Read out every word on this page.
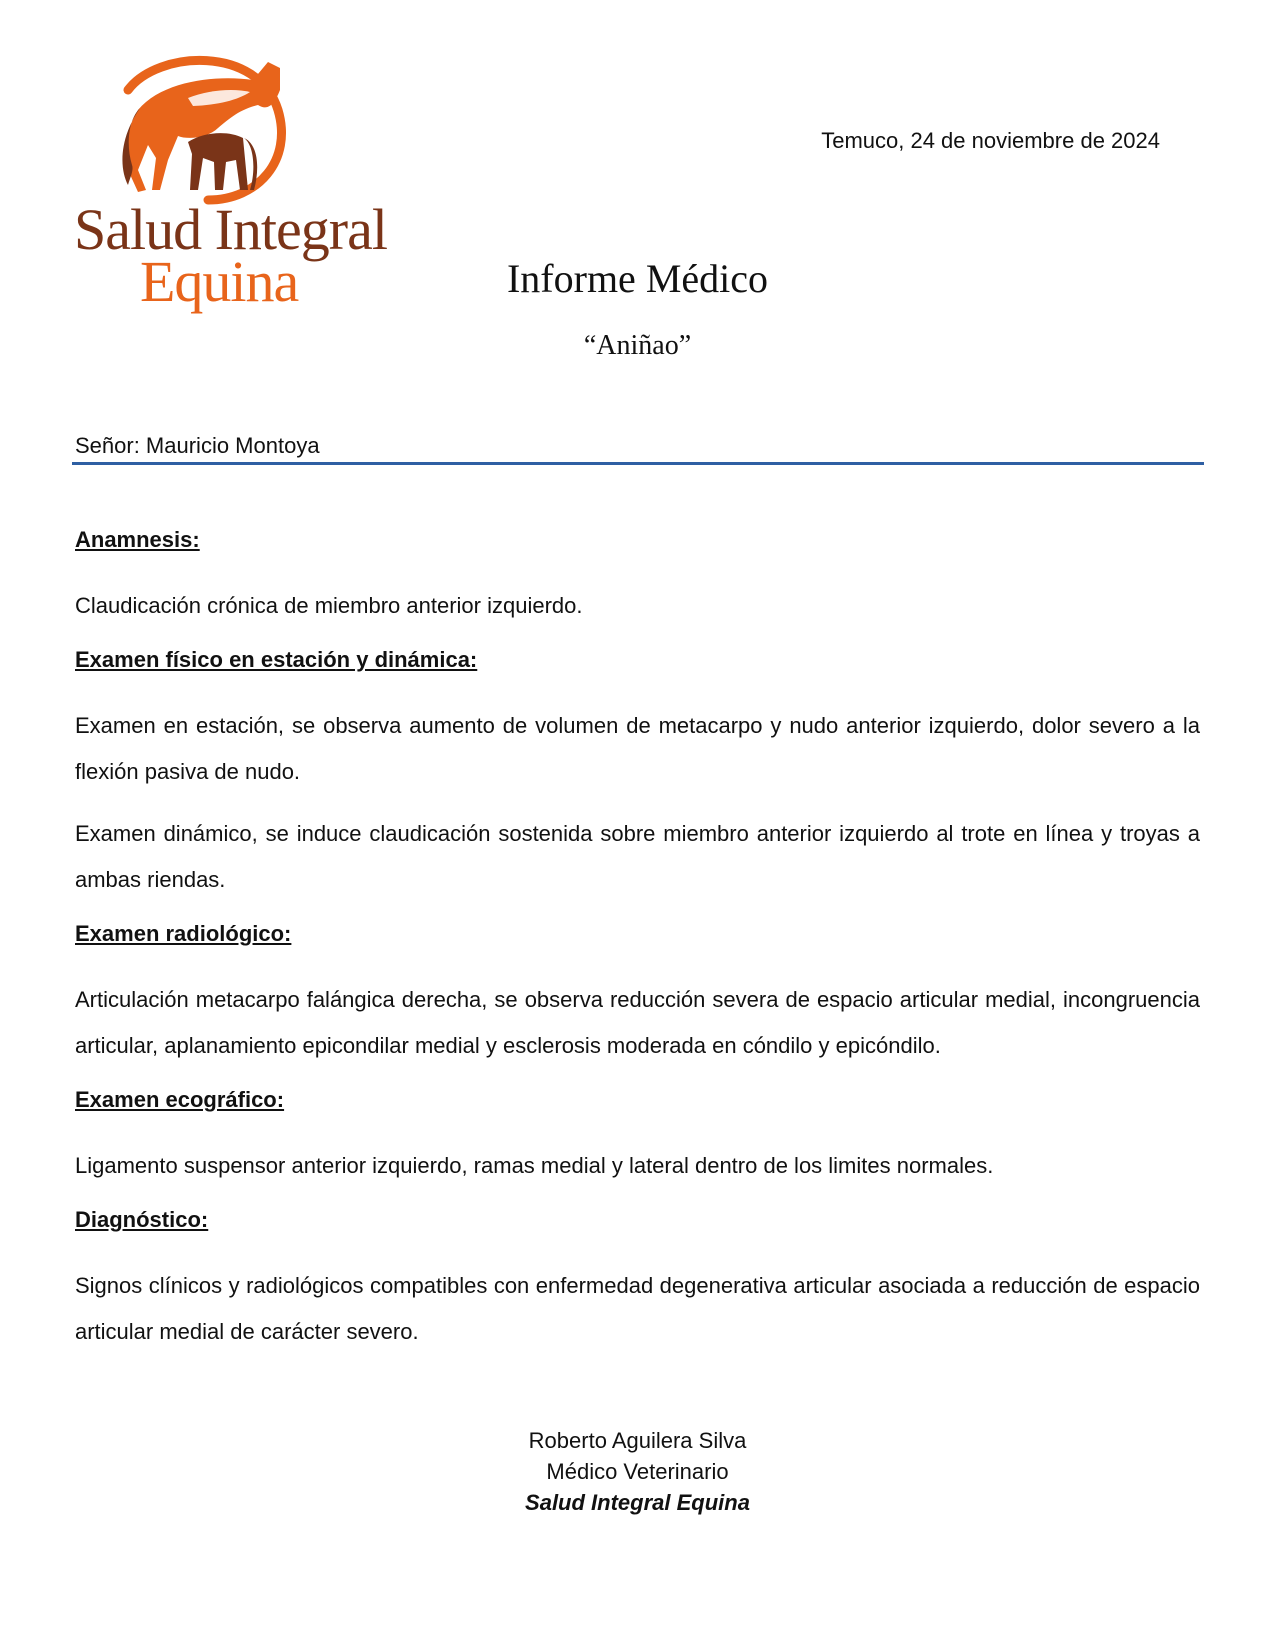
Salud Integral
Equina
Temuco, 24 de noviembre de 2024
Informe Médico
“Aniñao”
Señor: Mauricio Montoya
Anamnesis:
Claudicación crónica de miembro anterior izquierdo.
Examen físico en estación y dinámica:
Examen en estación, se observa aumento de volumen de metacarpo y nudo anterior izquierdo, dolor severo a la flexión pasiva de nudo.
Examen dinámico, se induce claudicación sostenida sobre miembro anterior izquierdo al trote en línea y troyas a ambas riendas.
Examen radiológico:
Articulación metacarpo falángica derecha, se observa reducción severa de espacio articular medial, incongruencia articular, aplanamiento epicondilar medial y esclerosis moderada en cóndilo y epicóndilo.
Examen ecográfico:
Ligamento suspensor anterior izquierdo, ramas medial y lateral dentro de los limites normales.
Diagnóstico:
Signos clínicos y radiológicos compatibles con enfermedad degenerativa articular asociada a reducción de espacio articular medial de carácter severo.
Roberto Aguilera Silva
Médico Veterinario
Salud Integral Equina
